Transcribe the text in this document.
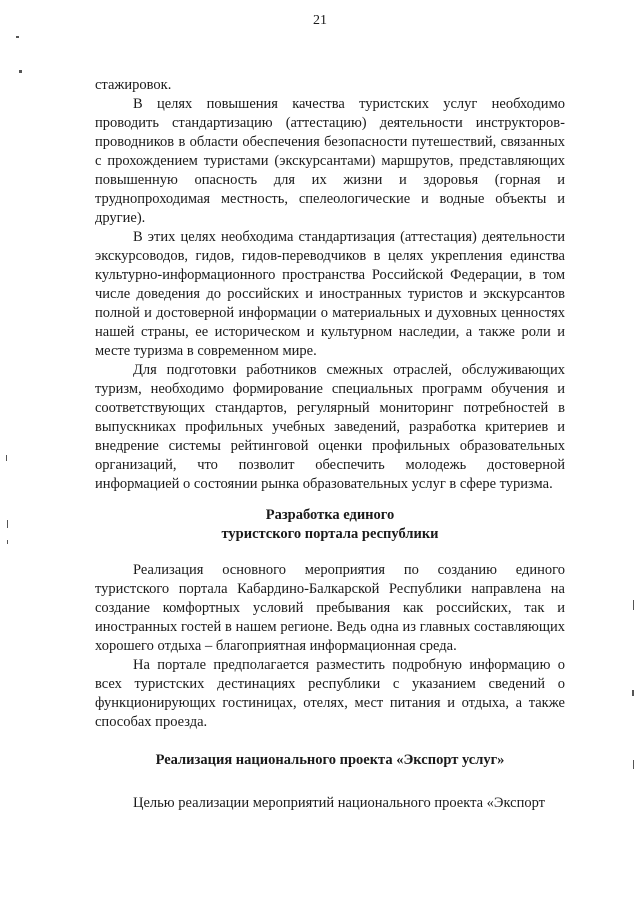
21

стажировок.

В целях повышения качества туристских услуг необходимо проводить стандартизацию (аттестацию) деятельности инструкторов-проводников в области обеспечения безопасности путешествий, связанных с прохождением туристами (экскурсантами) маршрутов, представляющих повышенную опасность для их жизни и здоровья (горная и труднопроходимая местность, спелеологические и водные объекты и другие).

В этих целях необходима стандартизация (аттестация) деятельности экскурсоводов, гидов, гидов-переводчиков в целях укрепления единства культурно-информационного пространства Российской Федерации, в том числе доведения до российских и иностранных туристов и экскурсантов полной и достоверной информации о материальных и духовных ценностях нашей страны, ее историческом и культурном наследии, а также роли и месте туризма в современном мире.

Для подготовки работников смежных отраслей, обслуживающих туризм, необходимо формирование специальных программ обучения и соответствующих стандартов, регулярный мониторинг потребностей в выпускниках профильных учебных заведений, разработка критериев и внедрение системы рейтинговой оценки профильных образовательных организаций, что позволит обеспечить молодежь достоверной информацией о состоянии рынка образовательных услуг в сфере туризма.

Разработка единого
туристского портала республики

Реализация основного мероприятия по созданию единого туристского портала Кабардино-Балкарской Республики направлена на создание комфортных условий пребывания как российских, так и иностранных гостей в нашем регионе. Ведь одна из главных составляющих хорошего отдыха – благоприятная информационная среда.

На портале предполагается разместить подробную информацию о всех туристских дестинациях республики с указанием сведений о функционирующих гостиницах, отелях, мест питания и отдыха, а также способах проезда.

Реализация национального проекта «Экспорт услуг»

Целью реализации мероприятий национального проекта «Экспорт
